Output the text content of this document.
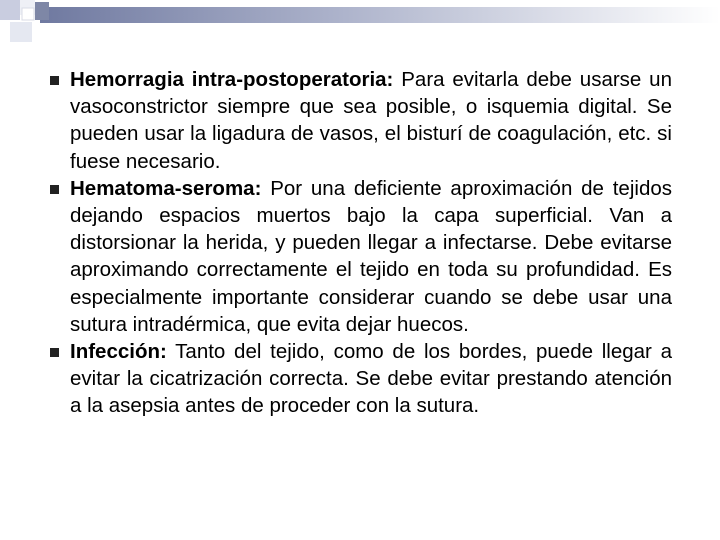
Hemorragia intra-postoperatoria: Para evitarla debe usarse un vasoconstrictor siempre que sea posible, o isquemia digital. Se pueden usar la ligadura de vasos, el bisturí de coagulación, etc. si fuese necesario.
Hematoma-seroma: Por una deficiente aproximación de tejidos dejando espacios muertos bajo la capa superficial. Van a distorsionar la herida, y pueden llegar a infectarse. Debe evitarse aproximando correctamente el tejido en toda su profundidad. Es especialmente importante considerar cuando se debe usar una sutura intradérmica, que evita dejar huecos.
Infección: Tanto del tejido, como de los bordes, puede llegar a evitar la cicatrización correcta. Se debe evitar prestando atención a la asepsia antes de proceder con la sutura.
